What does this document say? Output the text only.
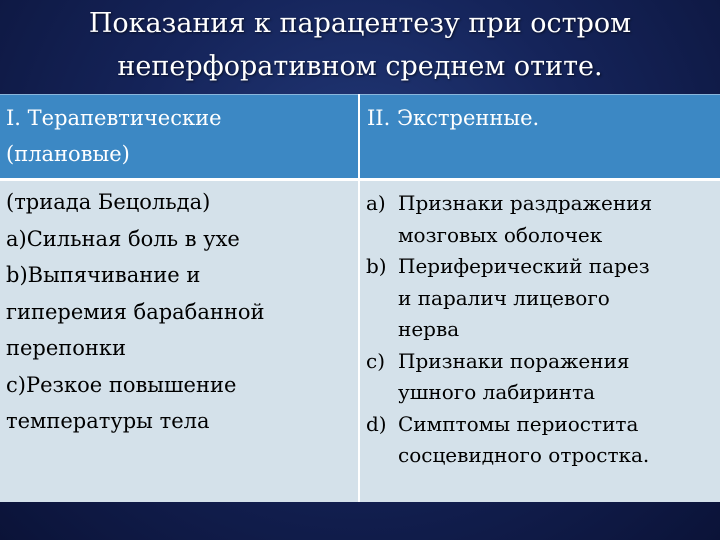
Показания к парацентезу при остром
неперфоративном среднем отите.
I. Терапевтические (плановые)
II. Экстренные.
(триада Бецольда)
a)Сильная боль в ухе
b)Выпячивание и
гиперемия барабанной
перепонки
c)Резкое повышение
температуры тела
a) Признаки раздражения
мозговых оболочек
b) Периферический парез
и паралич лицевого
нерва
c) Признаки поражения
ушного лабиринта
d) Симптомы периостита
сосцевидного отростка.
